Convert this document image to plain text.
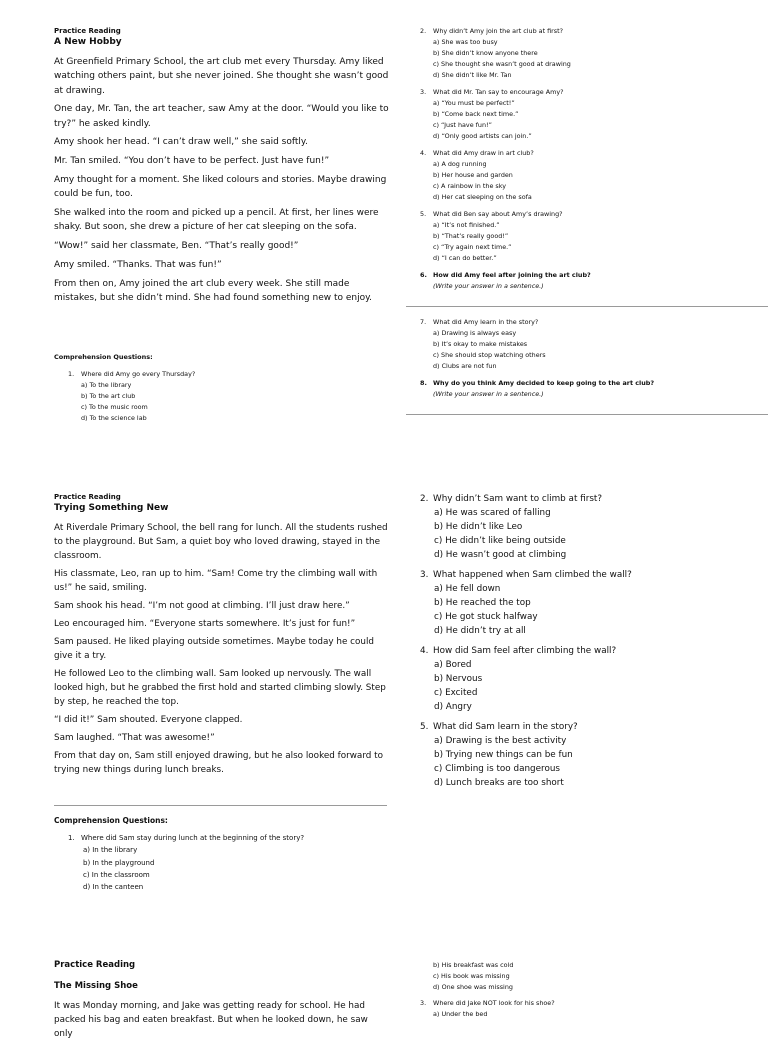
Practice Reading

A New Hobby

At Greenfield Primary School, the art club met every Thursday. Amy liked watching others paint, but she never joined. She thought she wasn’t good at drawing.

One day, Mr. Tan, the art teacher, saw Amy at the door. “Would you like to try?” he asked kindly.

Amy shook her head. “I can’t draw well,” she said softly.

Mr. Tan smiled. “You don’t have to be perfect. Just have fun!”

Amy thought for a moment. She liked colours and stories. Maybe drawing could be fun, too.

She walked into the room and picked up a pencil. At first, her lines were shaky. But soon, she drew a picture of her cat sleeping on the sofa.

“Wow!” said her classmate, Ben. “That’s really good!”

Amy smiled. “Thanks. That was fun!”

From then on, Amy joined the art club every week. She still made mistakes, but she didn’t mind. She had found something new to enjoy.

Comprehension Questions:

1. Where did Amy go every Thursday?
a) To the library
b) To the art club
c) To the music room
d) To the science lab
2. Why didn’t Amy join the art club at first?
a) She was too busy
b) She didn’t know anyone there
c) She thought she wasn’t good at drawing
d) She didn’t like Mr. Tan
3. What did Mr. Tan say to encourage Amy?
a) “You must be perfect!”
b) “Come back next time.”
c) “Just have fun!”
d) “Only good artists can join.”
4. What did Amy draw in art club?
a) A dog running
b) Her house and garden
c) A rainbow in the sky
d) Her cat sleeping on the sofa
5. What did Ben say about Amy’s drawing?
a) “It’s not finished.”
b) “That’s really good!”
c) “Try again next time.”
d) “I can do better.”
6. How did Amy feel after joining the art club?
(Write your answer in a sentence.)
7. What did Amy learn in the story?
a) Drawing is always easy
b) It’s okay to make mistakes
c) She should stop watching others
d) Clubs are not fun
8. Why do you think Amy decided to keep going to the art club?
(Write your answer in a sentence.)

Practice Reading

Trying Something New

At Riverdale Primary School, the bell rang for lunch. All the students rushed to the playground. But Sam, a quiet boy who loved drawing, stayed in the classroom.

His classmate, Leo, ran up to him. “Sam! Come try the climbing wall with us!” he said, smiling.

Sam shook his head. “I’m not good at climbing. I’ll just draw here.”

Leo encouraged him. “Everyone starts somewhere. It’s just for fun!”

Sam paused. He liked playing outside sometimes. Maybe today he could give it a try.

He followed Leo to the climbing wall. Sam looked up nervously. The wall looked high, but he grabbed the first hold and started climbing slowly. Step by step, he reached the top.

“I did it!” Sam shouted. Everyone clapped.

Sam laughed. “That was awesome!”

From that day on, Sam still enjoyed drawing, but he also looked forward to trying new things during lunch breaks.

Comprehension Questions:

1. Where did Sam stay during lunch at the beginning of the story?
a) In the library
b) In the playground
c) In the classroom
d) In the canteen
2. Why didn’t Sam want to climb at first?
a) He was scared of falling
b) He didn’t like Leo
c) He didn’t like being outside
d) He wasn’t good at climbing
3. What happened when Sam climbed the wall?
a) He fell down
b) He reached the top
c) He got stuck halfway
d) He didn’t try at all
4. How did Sam feel after climbing the wall?
a) Bored
b) Nervous
c) Excited
d) Angry
5. What did Sam learn in the story?
a) Drawing is the best activity
b) Trying new things can be fun
c) Climbing is too dangerous
d) Lunch breaks are too short

Practice Reading

The Missing Shoe

It was Monday morning, and Jake was getting ready for school. He had packed his bag and eaten breakfast. But when he looked down, he saw only

b) His breakfast was cold
c) His book was missing
d) One shoe was missing
3. Where did Jake NOT look for his shoe?
a) Under the bed
